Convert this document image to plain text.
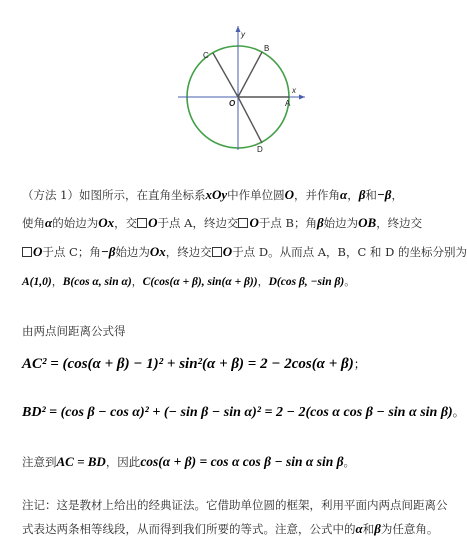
B
C
O	A
D
x
y
（方法 1）如图所示，在直角坐标系xOy中作单位圆O，并作角α，β和−β，
使角α的始边为Ox，交 O于点 A，终边交 O于点 B；角β始边为OB，终边交
O于点 C；角−β始边为Ox，终边交 O于点 D。从而点 A，B，C 和 D 的坐标分别为
A(1,0)，B(cos α, sin α)，C(cos(α + β), sin(α + β))，D(cos β, −sin β)。
由两点间距离公式得
AC² = (cos(α + β) − 1)² + sin²(α + β) = 2 − 2cos(α + β)；
BD² = (cos β − cos α)² + (− sin β − sin α)² = 2 − 2(cos α cos β − sin α sin β)。
注意到AC = BD，因此cos(α + β) = cos α cos β − sin α sin β。
注记：这是教材上给出的经典证法。它借助单位圆的框架，利用平面内两点间距离公
式表达两条相等线段，从而得到我们所要的等式。注意，公式中的α和β为任意角。
